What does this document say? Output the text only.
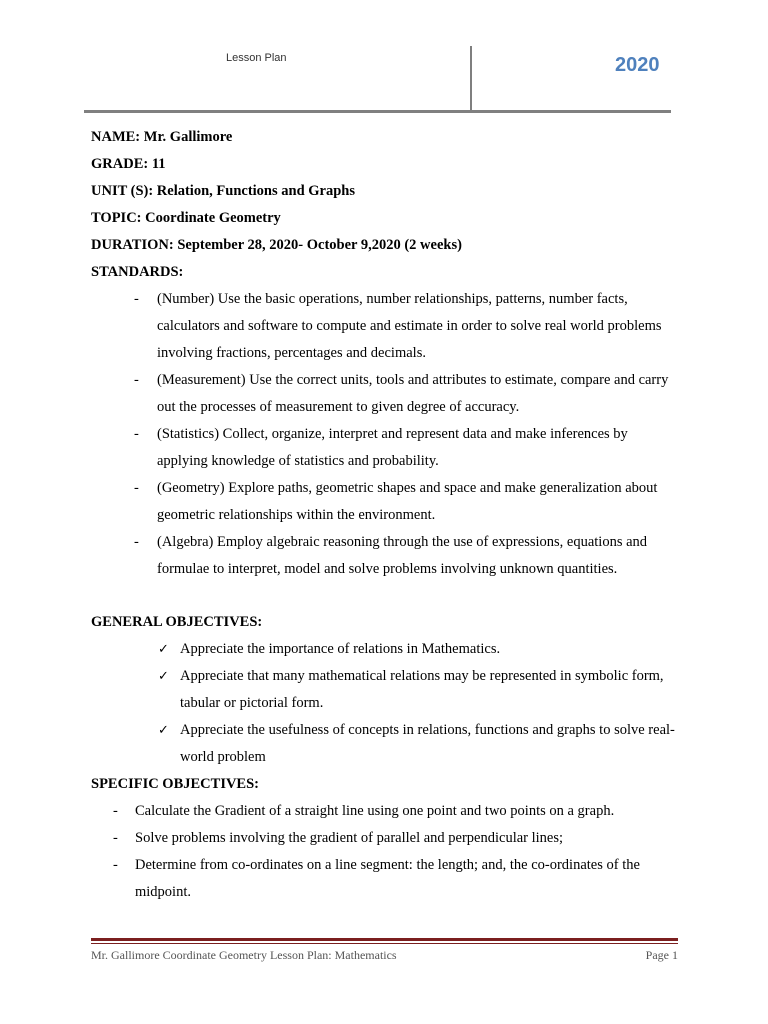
Lesson Plan	2020

NAME: Mr. Gallimore

GRADE: 11

UNIT (S): Relation, Functions and Graphs

TOPIC: Coordinate Geometry

DURATION: September 28, 2020- October 9,2020 (2 weeks)

STANDARDS:

- (Number) Use the basic operations, number relationships, patterns, number facts, calculators and software to compute and estimate in order to solve real world problems involving fractions, percentages and decimals.
- (Measurement) Use the correct units, tools and attributes to estimate, compare and carry out the processes of measurement to given degree of accuracy.
- (Statistics) Collect, organize, interpret and represent data and make inferences by applying knowledge of statistics and probability.
- (Geometry) Explore paths, geometric shapes and space and make generalization about geometric relationships within the environment.
- (Algebra) Employ algebraic reasoning through the use of expressions, equations and formulae to interpret, model and solve problems involving unknown quantities.

GENERAL OBJECTIVES:

✓ Appreciate the importance of relations in Mathematics.
✓ Appreciate that many mathematical relations may be represented in symbolic form, tabular or pictorial form.
✓ Appreciate the usefulness of concepts in relations, functions and graphs to solve real-world problem

SPECIFIC OBJECTIVES:

- Calculate the Gradient of a straight line using one point and two points on a graph.
- Solve problems involving the gradient of parallel and perpendicular lines;
- Determine from co-ordinates on a line segment: the length; and, the co-ordinates of the midpoint.
Mr. Gallimore Coordinate Geometry Lesson Plan: Mathematics	Page 1
